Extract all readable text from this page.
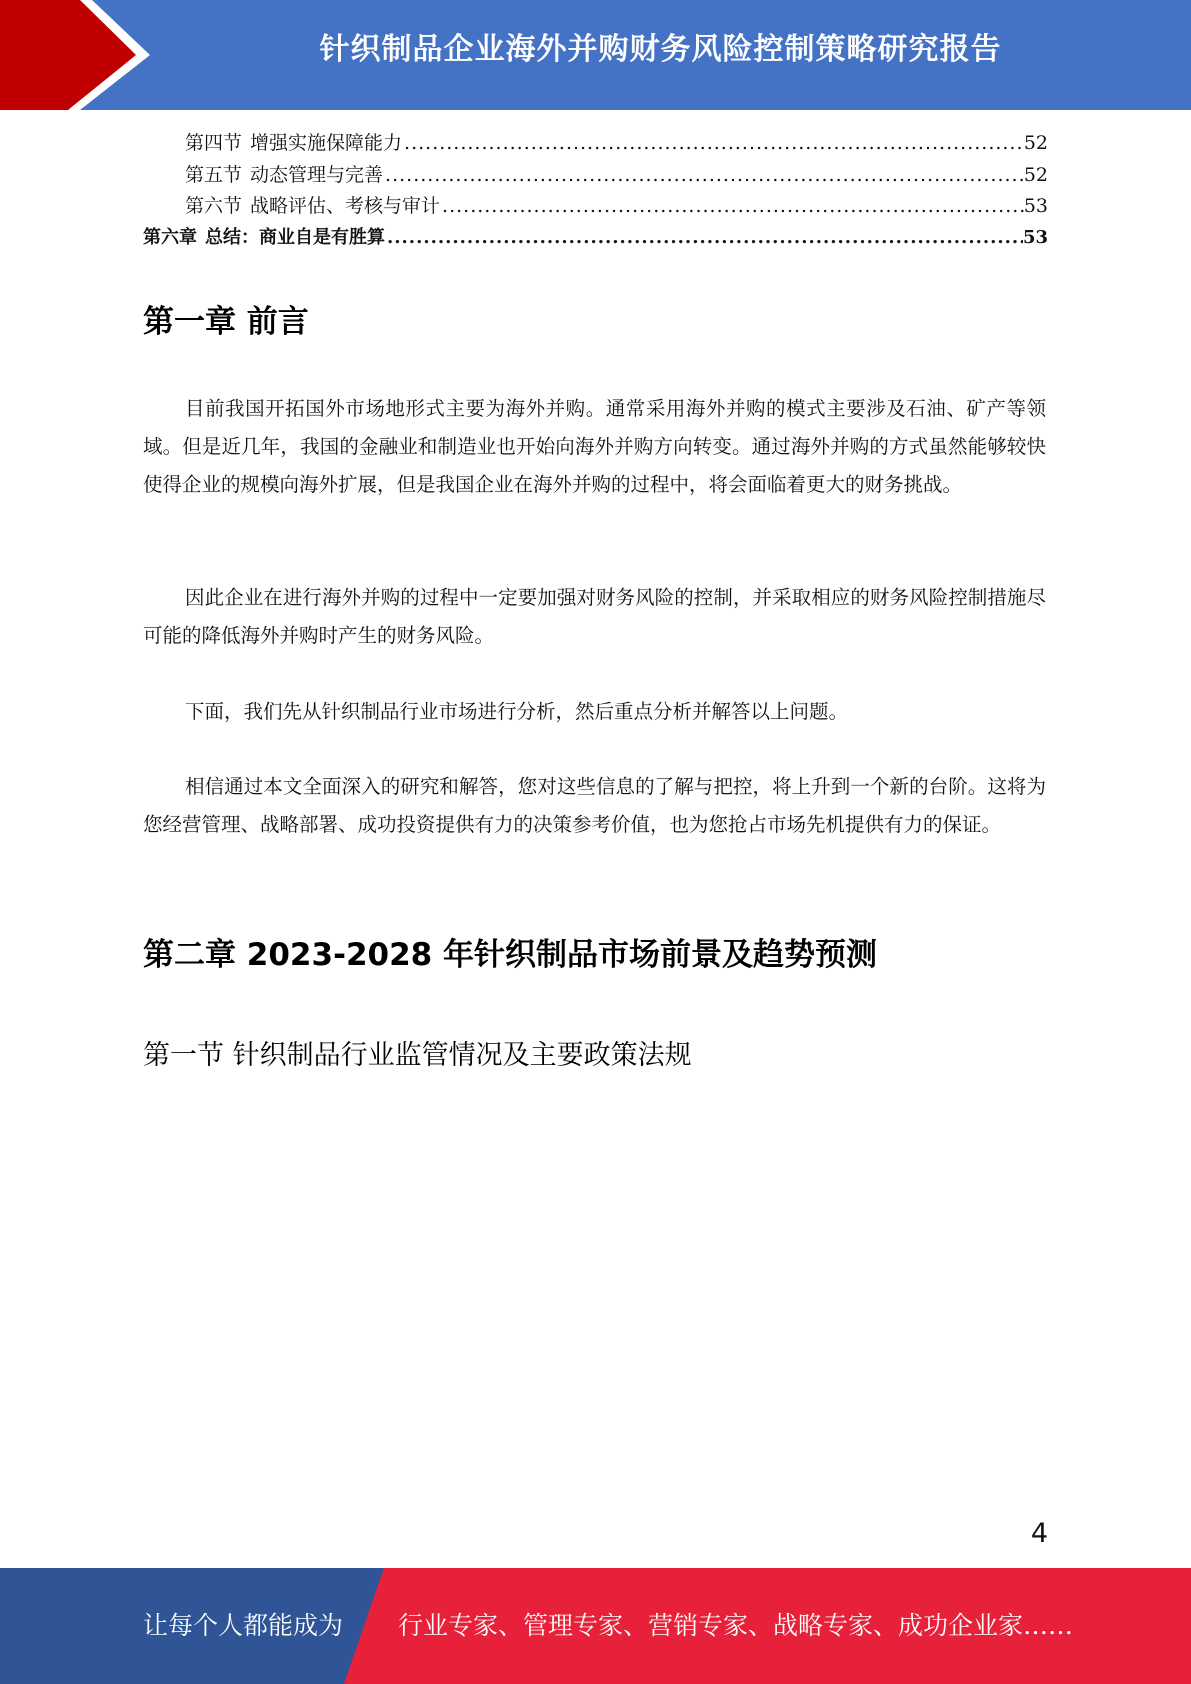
针织制品企业海外并购财务风险控制策略研究报告
第四节 增强实施保障能力 .....	52
第五节 动态管理与完善 .....	52
第六节 战略评估、考核与审计 .....	53
第六章 总结：商业自是有胜算 .....	53
第一章 前言

目前我国开拓国外市场地形式主要为海外并购。通常采用海外并购的模式主要涉及石油、矿产等领域。但是近几年，我国的金融业和制造业也开始向海外并购方向转变。通过海外并购的方式虽然能够较快使得企业的规模向海外扩展，但是我国企业在海外并购的过程中，将会面临着更大的财务挑战。

因此企业在进行海外并购的过程中一定要加强对财务风险的控制，并采取相应的财务风险控制措施尽可能的降低海外并购时产生的财务风险。

下面，我们先从针织制品行业市场进行分析，然后重点分析并解答以上问题。

相信通过本文全面深入的研究和解答，您对这些信息的了解与把控，将上升到一个新的台阶。这将为您经营管理、战略部署、成功投资提供有力的决策参考价值，也为您抢占市场先机提供有力的保证。

第二章 2023-2028 年针织制品市场前景及趋势预测
第一节 针织制品行业监管情况及主要政策法规
4
让每个人都能成为 行业专家、管理专家、营销专家、战略专家、成功企业家……
